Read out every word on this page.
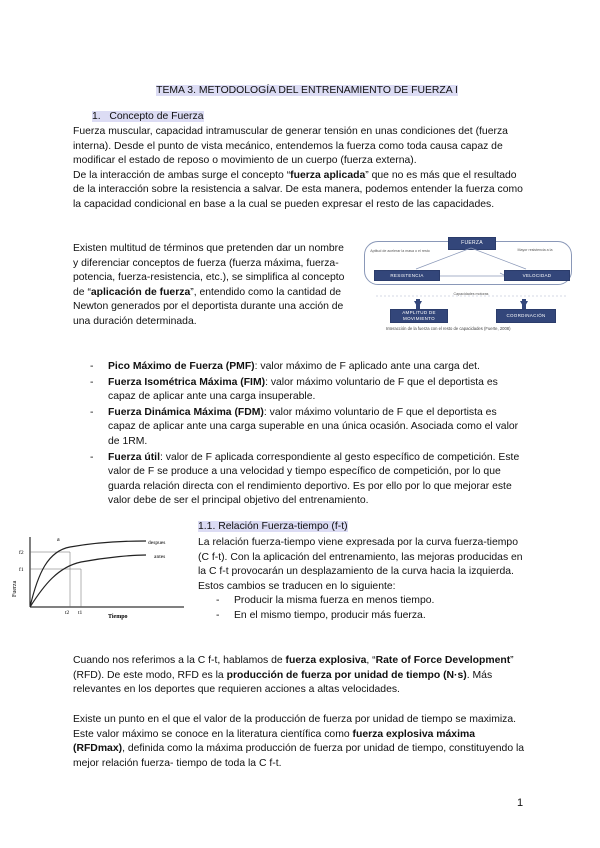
TEMA 3. METODOLOGÍA DEL ENTRENAMIENTO DE FUERZA I
1. Concepto de Fuerza

Fuerza muscular, capacidad intramuscular de generar tensión en unas condiciones det (fuerza interna). Desde el punto de vista mecánico, entendemos la fuerza como toda causa capaz de modificar el estado de reposo o movimiento de un cuerpo (fuerza externa).

De la interacción de ambas surge el concepto “fuerza aplicada” que no es más que el resultado de la interacción sobre la resistencia a salvar. De esta manera, podemos entender la fuerza como la capacidad condicional en base a la cual se pueden expresar el resto de las capacidades.

Existen multitud de términos que pretenden dar un nombre y diferenciar conceptos de fuerza (fuerza máxima, fuerza-potencia, fuerza-resistencia, etc.), se simplifica al concepto de “aplicación de fuerza”, entendido como la cantidad de Newton generados por el deportista durante una acción de una duración determinada.

FUERZA
Aptitud de acelerar la masa o el resto	Mayor resistencia a la
RESISTENCIA	VELOCIDAD
Capacidades motoras
AMPLITUD DE MOVIMIENTO
COORDINACIÓN
Interacción de la fuerza con el resto de capacidades (Fuerte, 2008)
- Pico Máximo de Fuerza (PMF): valor máximo de F aplicado ante una carga det.
- Fuerza Isométrica Máxima (FIM): valor máximo voluntario de F que el deportista es capaz de aplicar ante una carga insuperable.
- Fuerza Dinámica Máxima (FDM): valor máximo voluntario de F que el deportista es capaz de aplicar ante una carga superable en una única ocasión. Asociada como el valor de 1RM.
- Fuerza útil: valor de F aplicada correspondiente al gesto específico de competición. Este valor de F se produce a una velocidad y tiempo específico de competición, por lo que guarda relación directa con el rendimiento deportivo. Es por ello por lo que mejorar este valor debe de ser el principal objetivo del entrenamiento.
Fuerza
Tiempo
a	despues
antes
f2
f1
t2 t1
1.1. Relación Fuerza-tiempo (f-t)

La relación fuerza-tiempo viene expresada por la curva fuerza-tiempo (C f-t). Con la aplicación del entrenamiento, las mejoras producidas en la C f-t provocarán un desplazamiento de la curva hacia la izquierda. Estos cambios se traducen en lo siguiente:

- Producir la misma fuerza en menos tiempo.
- En el mismo tiempo, producir más fuerza.

Cuando nos referimos a la C f-t, hablamos de fuerza explosiva, “Rate of Force Development” (RFD). De este modo, RFD es la producción de fuerza por unidad de tiempo (N·s). Más relevantes en los deportes que requieren acciones a altas velocidades.

Existe un punto en el que el valor de la producción de fuerza por unidad de tiempo se maximiza. Este valor máximo se conoce en la literatura científica como fuerza explosiva máxima (RFDmax), definida como la máxima producción de fuerza por unidad de tiempo, constituyendo la mejor relación fuerza- tiempo de toda la C f-t.

1
